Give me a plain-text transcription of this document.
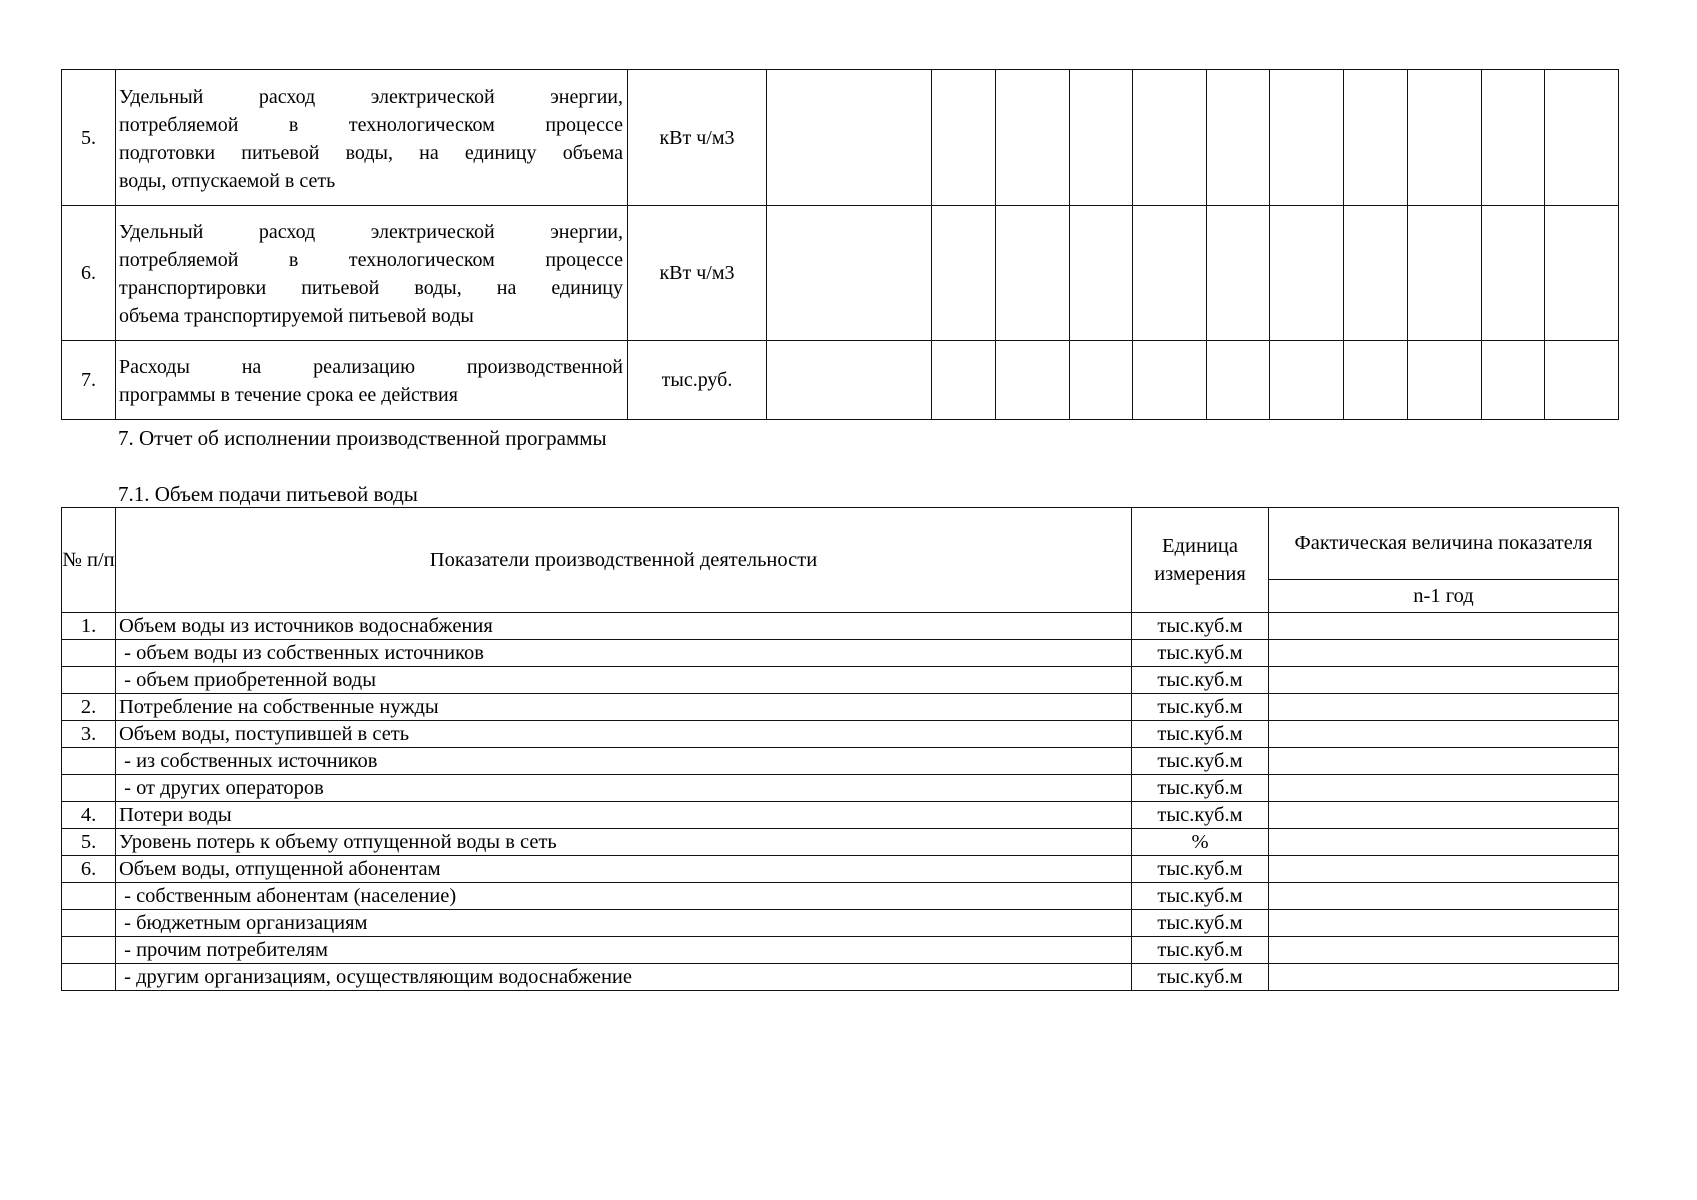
5.	Удельный расход электрической энергии,
потребляемой в технологическом процессе
подготовки питьевой воды, на единицу объема
воды, отпускаемой в сеть	кВт ч/м3											
6.	Удельный расход электрической энергии,
потребляемой в технологическом процессе
транспортировки питьевой воды, на единицу
объема транспортируемой питьевой воды	кВт ч/м3											
7.	Расходы на реализацию производственной
программы в течение срока ее действия	тыс.руб.											
7. Отчет об исполнении производственной программы
7.1. Объем подачи питьевой воды
№ п/п	Показатели производственной деятельности	Единица измерения	Фактическая величина показателя
			n-1 год
1.	Объем воды из источников водоснабжения	тыс.куб.м	
	- объем воды из собственных источников	тыс.куб.м	
	- объем приобретенной воды	тыс.куб.м	
2.	Потребление на собственные нужды	тыс.куб.м	
3.	Объем воды, поступившей в сеть	тыс.куб.м	
	- из собственных источников	тыс.куб.м	
	- от других операторов	тыс.куб.м	
4.	Потери воды	тыс.куб.м	
5.	Уровень потерь к объему отпущенной воды в сеть	%	
6.	Объем воды, отпущенной абонентам	тыс.куб.м	
	- собственным абонентам (население)	тыс.куб.м	
	- бюджетным организациям	тыс.куб.м	
	- прочим потребителям	тыс.куб.м	
	- другим организациям, осуществляющим водоснабжение	тыс.куб.м	
